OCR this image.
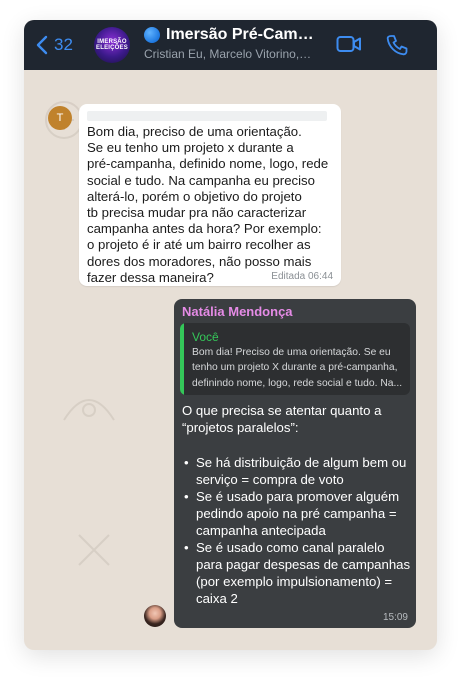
32	IMERSÃO ELEIÇÕES
Imersão Pré-Cam…
Cristian Eu, Marcelo Vitorino,…
T
Bom dia, preciso de uma orientação.
Se eu tenho um projeto x durante a
pré-campanha, definido nome, logo, rede
social e tudo. Na campanha eu preciso
alterá-lo, porém o objetivo do projeto
tb precisa mudar pra não caracterizar
campanha antes da hora? Por exemplo:
o projeto é ir até um bairro recolher as
dores dos moradores, não posso mais
fazer dessa maneira?	Editada 06:44
Natália Mendonça
Você
Bom dia! Preciso de uma orientação. Se eu tenho um projeto X durante a pré-campanha, definindo nome, logo, rede social e tudo. Na...
O que precisa se atentar quanto a “projetos paralelos”:
• Se há distribuição de algum bem ou serviço = compra de voto
• Se é usado para promover alguém pedindo apoio na pré campanha = campanha antecipada
• Se é usado como canal paralelo para pagar despesas de campanhas (por exemplo impulsionamento) = caixa 2
15:09
